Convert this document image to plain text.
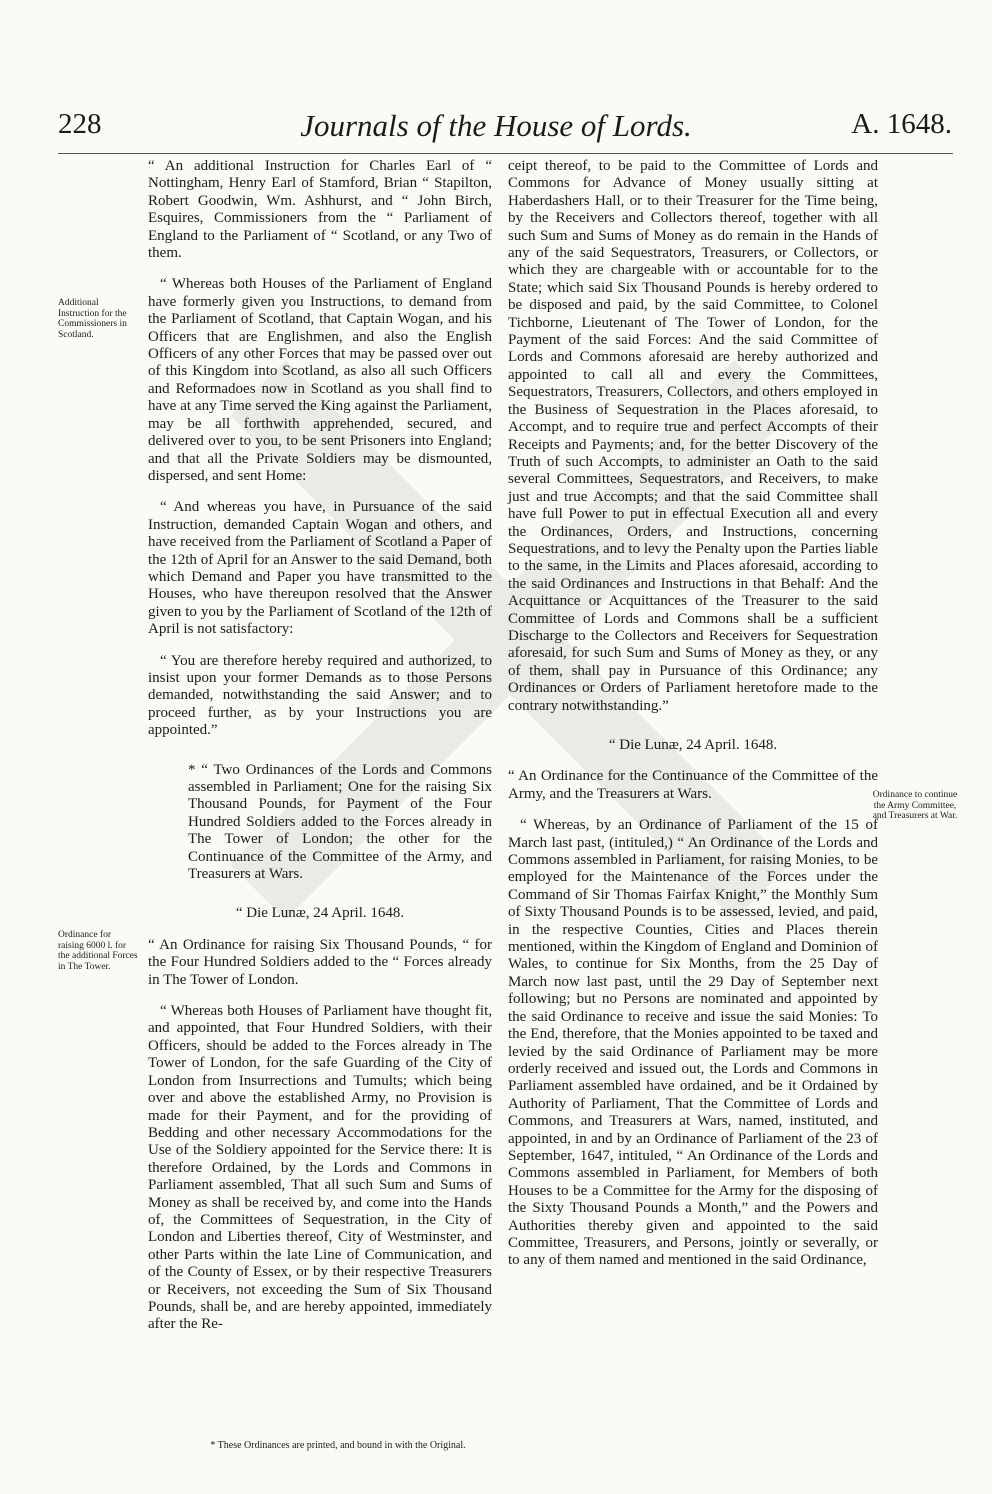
228	Journals of the House of Lords.	A. 1648.
Additional Instruction for the Commissioners in Scotland.
Ordinance for raising 6000 l. for the additional Forces in The Tower.
Ordinance to continue the Army Committee, and Treasurers at War.

“ An additional Instruction for Charles Earl of “ Nottingham, Henry Earl of Stamford, Brian “ Stapilton, Robert Goodwin, Wm. Ashhurst, and “ John Birch, Esquires, Commissioners from the “ Parliament of England to the Parliament of “ Scotland, or any Two of them.

“ Whereas both Houses of the Parliament of England have formerly given you Instructions, to demand from the Parliament of Scotland, that Captain Wogan, and his Officers that are Englishmen, and also the English Officers of any other Forces that may be passed over out of this Kingdom into Scotland, as also all such Officers and Reformadoes now in Scotland as you shall find to have at any Time served the King against the Parliament, may be all forthwith apprehended, secured, and delivered over to you, to be sent Prisoners into England; and that all the Private Soldiers may be dismounted, dispersed, and sent Home:

“ And whereas you have, in Pursuance of the said Instruction, demanded Captain Wogan and others, and have received from the Parliament of Scotland a Paper of the 12th of April for an Answer to the said Demand, both which Demand and Paper you have transmitted to the Houses, who have thereupon resolved that the Answer given to you by the Parliament of Scotland of the 12th of April is not satisfactory:

“ You are therefore hereby required and authorized, to insist upon your former Demands as to those Persons demanded, notwithstanding the said Answer; and to proceed further, as by your Instructions you are appointed.”

* “ Two Ordinances of the Lords and Commons assembled in Parliament; One for the raising Six Thousand Pounds, for Payment of the Four Hundred Soldiers added to the Forces already in The Tower of London; the other for the Continuance of the Committee of the Army, and Treasurers at Wars.

“ Die Lunæ, 24 April. 1648.

“ An Ordinance for raising Six Thousand Pounds, “ for the Four Hundred Soldiers added to the “ Forces already in The Tower of London.

“ Whereas both Houses of Parliament have thought fit, and appointed, that Four Hundred Soldiers, with their Officers, should be added to the Forces already in The Tower of London, for the safe Guarding of the City of London from Insurrections and Tumults; which being over and above the established Army, no Provision is made for their Payment, and for the providing of Bedding and other necessary Accommodations for the Use of the Soldiery appointed for the Service there: It is therefore Ordained, by the Lords and Commons in Parliament assembled, That all such Sum and Sums of Money as shall be received by, and come into the Hands of, the Committees of Sequestration, in the City of London and Liberties thereof, City of Westminster, and other Parts within the late Line of Communication, and of the County of Essex, or by their respective Treasurers or Receivers, not exceeding the Sum of Six Thousand Pounds, shall be, and are hereby appointed, immediately after the Re-

ceipt thereof, to be paid to the Committee of Lords and Commons for Advance of Money usually sitting at Haberdashers Hall, or to their Treasurer for the Time being, by the Receivers and Collectors thereof, together with all such Sum and Sums of Money as do remain in the Hands of any of the said Sequestrators, Treasurers, or Collectors, or which they are chargeable with or accountable for to the State; which said Six Thousand Pounds is hereby ordered to be disposed and paid, by the said Committee, to Colonel Tichborne, Lieutenant of The Tower of London, for the Payment of the said Forces: And the said Committee of Lords and Commons aforesaid are hereby authorized and appointed to call all and every the Committees, Sequestrators, Treasurers, Collectors, and others employed in the Business of Sequestration in the Places aforesaid, to Accompt, and to require true and perfect Accompts of their Receipts and Payments; and, for the better Discovery of the Truth of such Accompts, to administer an Oath to the said several Committees, Sequestrators, and Receivers, to make just and true Accompts; and that the said Committee shall have full Power to put in effectual Execution all and every the Ordinances, Orders, and Instructions, concerning Sequestrations, and to levy the Penalty upon the Parties liable to the same, in the Limits and Places aforesaid, according to the said Ordinances and Instructions in that Behalf: And the Acquittance or Acquittances of the Treasurer to the said Committee of Lords and Commons shall be a sufficient Discharge to the Collectors and Receivers for Sequestration aforesaid, for such Sum and Sums of Money as they, or any of them, shall pay in Pursuance of this Ordinance; any Ordinances or Orders of Parliament heretofore made to the contrary notwithstanding.”

“ Die Lunæ, 24 April. 1648.

“ An Ordinance for the Continuance of the Committee of the Army, and the Treasurers at Wars.

“ Whereas, by an Ordinance of Parliament of the 15 of March last past, (intituled,) “ An Ordinance of the Lords and Commons assembled in Parliament, for raising Monies, to be employed for the Maintenance of the Forces under the Command of Sir Thomas Fairfax Knight,” the Monthly Sum of Sixty Thousand Pounds is to be assessed, levied, and paid, in the respective Counties, Cities and Places therein mentioned, within the Kingdom of England and Dominion of Wales, to continue for Six Months, from the 25 Day of March now last past, until the 29 Day of September next following; but no Persons are nominated and appointed by the said Ordinance to receive and issue the said Monies: To the End, therefore, that the Monies appointed to be taxed and levied by the said Ordinance of Parliament may be more orderly received and issued out, the Lords and Commons in Parliament assembled have ordained, and be it Ordained by Authority of Parliament, That the Committee of Lords and Commons, and Treasurers at Wars, named, instituted, and appointed, in and by an Ordinance of Parliament of the 23 of September, 1647, intituled, “ An Ordinance of the Lords and Commons assembled in Parliament, for Members of both Houses to be a Committee for the Army for the disposing of the Sixty Thousand Pounds a Month,” and the Powers and Authorities thereby given and appointed to the said Committee, Treasurers, and Persons, jointly or severally, or to any of them named and mentioned in the said Ordinance,

* These Ordinances are printed, and bound in with the Original.
